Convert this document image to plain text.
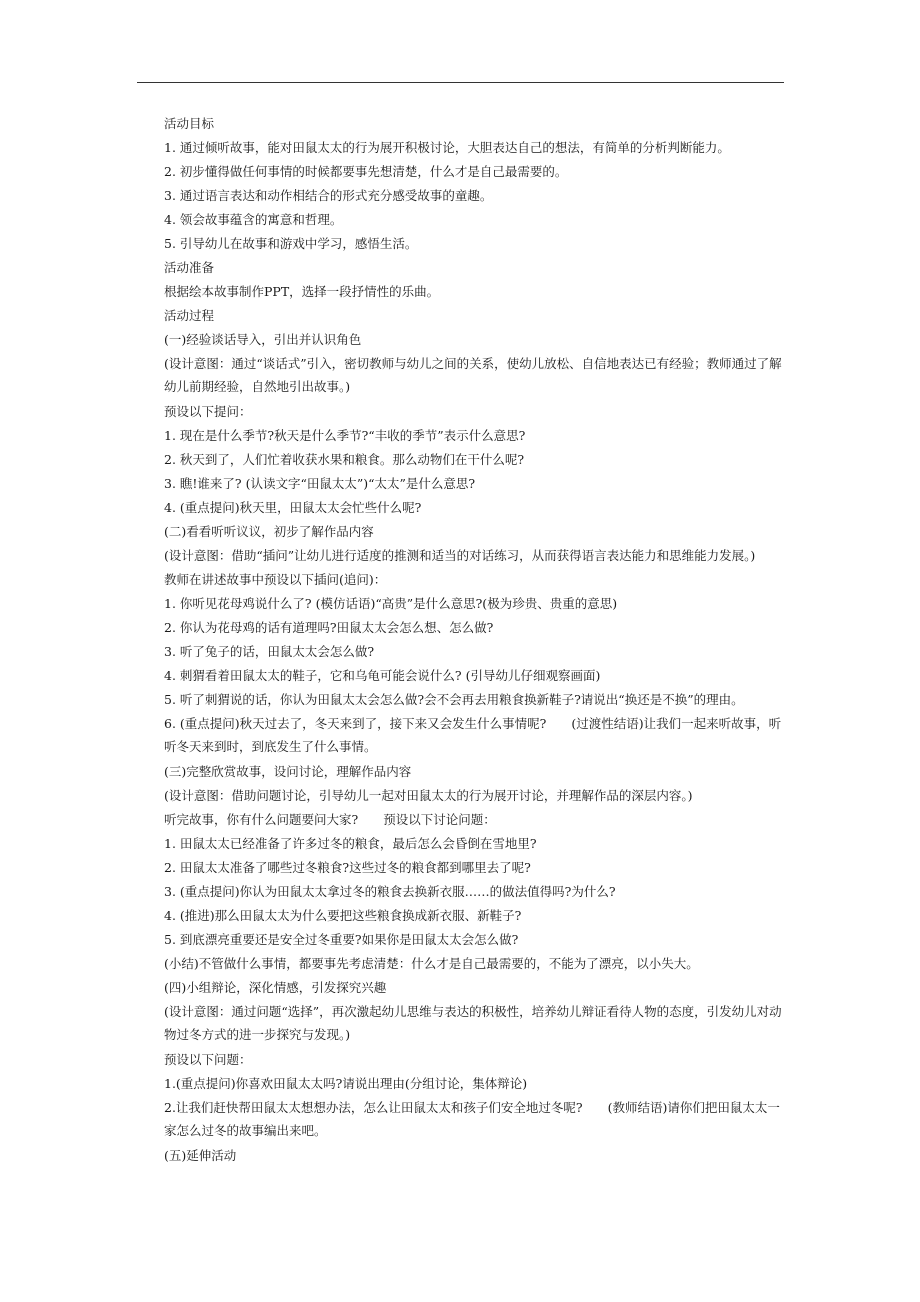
活动目标
1. 通过倾听故事，能对田鼠太太的行为展开积极讨论，大胆表达自己的想法，有简单的分析判断能力。
2. 初步懂得做任何事情的时候都要事先想清楚，什么才是自己最需要的。
3. 通过语言表达和动作相结合的形式充分感受故事的童趣。
4. 领会故事蕴含的寓意和哲理。
5. 引导幼儿在故事和游戏中学习，感悟生活。
活动准备
根据绘本故事制作PPT，选择一段抒情性的乐曲。
活动过程
(一)经验谈话导入，引出并认识角色
(设计意图：通过“谈话式”引入，密切教师与幼儿之间的关系，使幼儿放松、自信地表达已有经验；教师通过了解幼儿前期经验，自然地引出故事。)
预设以下提问：
1. 现在是什么季节?秋天是什么季节?“丰收的季节”表示什么意思?
2. 秋天到了，人们忙着收获水果和粮食。那么动物们在干什么呢?
3. 瞧!谁来了? (认读文字“田鼠太太”)“太太”是什么意思?
4. (重点提问)秋天里，田鼠太太会忙些什么呢?
(二)看看听听议议，初步了解作品内容
(设计意图：借助“插问”让幼儿进行适度的推测和适当的对话练习，从而获得语言表达能力和思维能力发展。)
教师在讲述故事中预设以下插问(追问)：
1. 你听见花母鸡说什么了? (模仿话语)“高贵”是什么意思?(极为珍贵、贵重的意思)
2. 你认为花母鸡的话有道理吗?田鼠太太会怎么想、怎么做?
3. 听了兔子的话，田鼠太太会怎么做?
4. 刺猬看着田鼠太太的鞋子，它和乌龟可能会说什么? (引导幼儿仔细观察画面)
5. 听了刺猬说的话，你认为田鼠太太会怎么做?会不会再去用粮食换新鞋子?请说出“换还是不换”的理由。
6. (重点提问)秋天过去了，冬天来到了，接下来又会发生什么事情呢?　　(过渡性结语)让我们一起来听故事，听听冬天来到时，到底发生了什么事情。
(三)完整欣赏故事，设问讨论，理解作品内容
(设计意图：借助问题讨论，引导幼儿一起对田鼠太太的行为展开讨论，并理解作品的深层内容。)
听完故事，你有什么问题要问大家?　　预设以下讨论问题：
1. 田鼠太太已经准备了许多过冬的粮食，最后怎么会昏倒在雪地里?
2. 田鼠太太准备了哪些过冬粮食?这些过冬的粮食都到哪里去了呢?
3. (重点提问)你认为田鼠太太拿过冬的粮食去换新衣服……的做法值得吗?为什么?
4. (推进)那么田鼠太太为什么要把这些粮食换成新衣服、新鞋子?
5. 到底漂亮重要还是安全过冬重要?如果你是田鼠太太会怎么做?
(小结)不管做什么事情，都要事先考虑清楚：什么才是自己最需要的，不能为了漂亮，以小失大。
(四)小组辩论，深化情感，引发探究兴趣
(设计意图：通过问题“选择”，再次激起幼儿思维与表达的积极性，培养幼儿辩证看待人物的态度，引发幼儿对动物过冬方式的进一步探究与发现。)
预设以下问题：
1.(重点提问)你喜欢田鼠太太吗?请说出理由(分组讨论，集体辩论)
2.让我们赶快帮田鼠太太想想办法，怎么让田鼠太太和孩子们安全地过冬呢?　　(教师结语)请你们把田鼠太太一家怎么过冬的故事编出来吧。
(五)延伸活动
